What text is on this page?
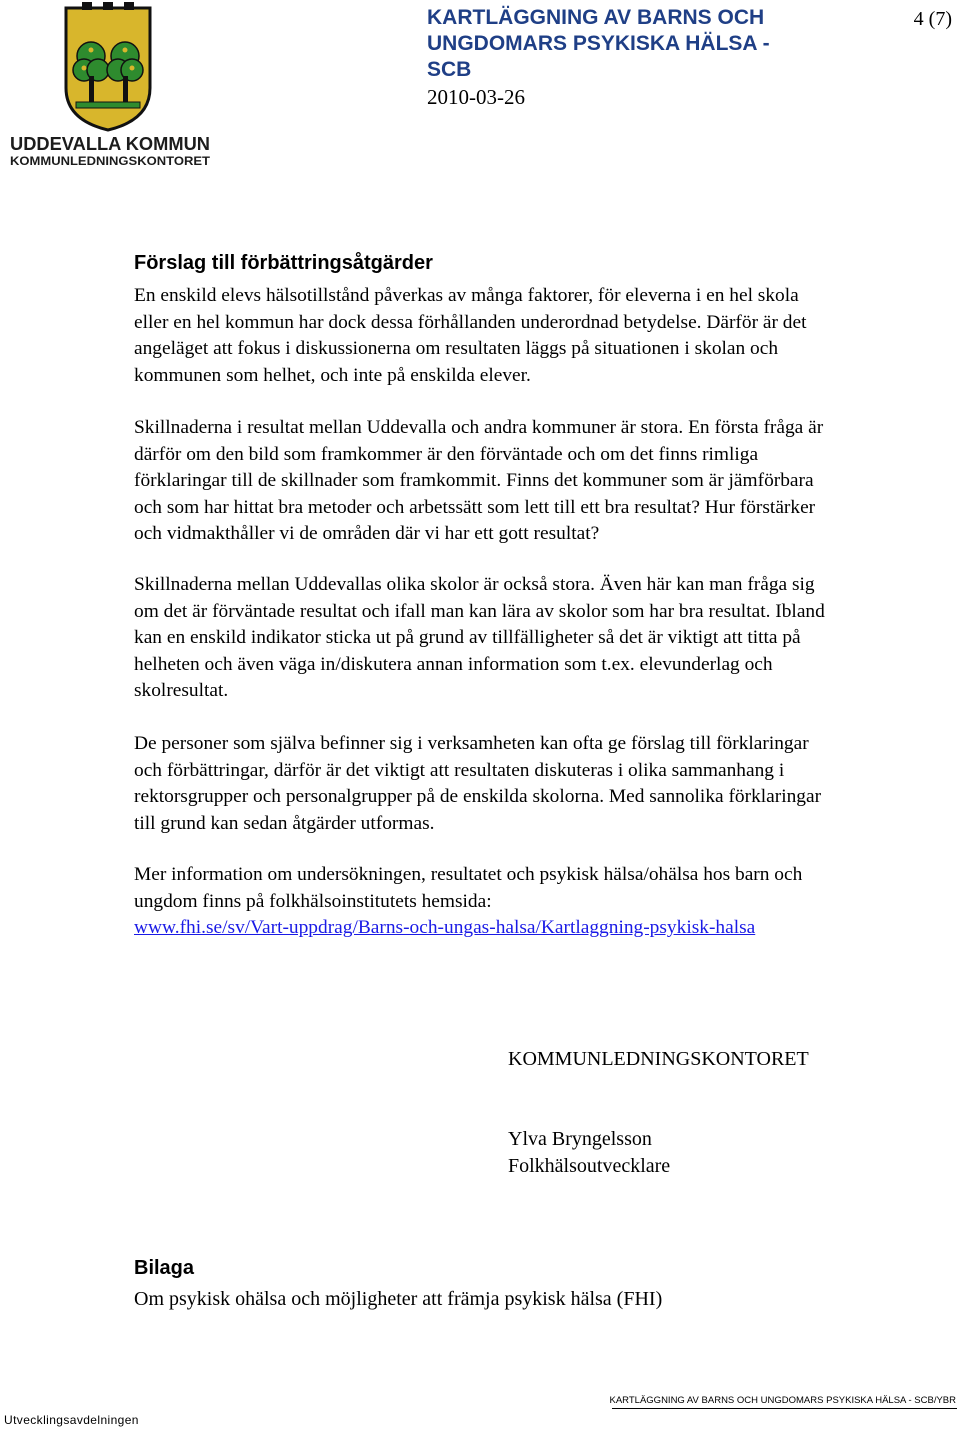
UDDEVALLA KOMMUN
KOMMUNLEDNINGSKONTORET
KARTLÄGGNING AV BARNS OCH
UNGDOMARS PSYKISKA HÄLSA -
SCB
2010-03-26
4 (7)
Förslag till förbättringsåtgärder
En enskild elevs hälsotillstånd påverkas av många faktorer, för eleverna i en hel skola
eller en hel kommun har dock dessa förhållanden underordnad betydelse. Därför är det
angeläget att fokus i diskussionerna om resultaten läggs på situationen i skolan och
kommunen som helhet, och inte på enskilda elever.
Skillnaderna i resultat mellan Uddevalla och andra kommuner är stora. En första fråga är
därför om den bild som framkommer är den förväntade och om det finns rimliga
förklaringar till de skillnader som framkommit. Finns det kommuner som är jämförbara
och som har hittat bra metoder och arbetssätt som lett till ett bra resultat? Hur förstärker
och vidmakthåller vi de områden där vi har ett gott resultat?
Skillnaderna mellan Uddevallas olika skolor är också stora. Även här kan man fråga sig
om det är förväntade resultat och ifall man kan lära av skolor som har bra resultat. Ibland
kan en enskild indikator sticka ut på grund av tillfälligheter så det är viktigt att titta på
helheten och även väga in/diskutera annan information som t.ex. elevunderlag och
skolresultat.
De personer som själva befinner sig i verksamheten kan ofta ge förslag till förklaringar
och förbättringar, därför är det viktigt att resultaten diskuteras i olika sammanhang i
rektorsgrupper och personalgrupper på de enskilda skolorna. Med sannolika förklaringar
till grund kan sedan åtgärder utformas.
Mer information om undersökningen, resultatet och psykisk hälsa/ohälsa hos barn och
ungdom finns på folkhälsoinstitutets hemsida:
www.fhi.se/sv/Vart-uppdrag/Barns-och-ungas-halsa/Kartlaggning-psykisk-halsa
KOMMUNLEDNINGSKONTORET
Ylva Bryngelsson
Folkhälsoutvecklare
Bilaga
Om psykisk ohälsa och möjligheter att främja psykisk hälsa (FHI)
KARTLÄGGNING AV BARNS OCH UNGDOMARS PSYKISKA HÄLSA - SCB/YBR
Utvecklingsavdelningen
